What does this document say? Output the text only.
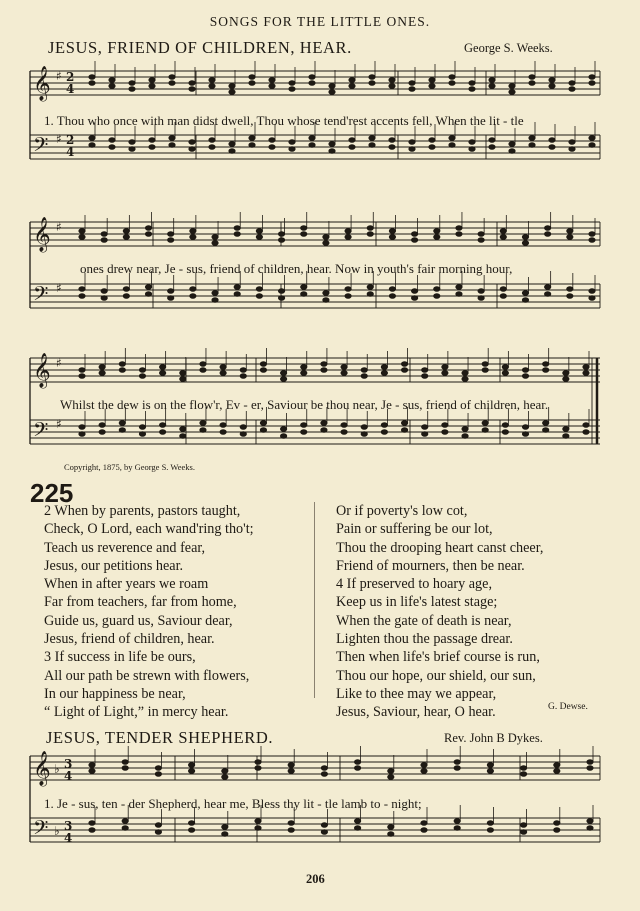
SONGS FOR THE LITTLE ONES.
JESUS, FRIEND OF CHILDREN, HEAR.	George S. Weeks.
𝄞
𝄢
♯
♯
2
4
2
4
𝄞
𝄢
♯
♯
𝄞
𝄢
♯
♯
𝄞
𝄢
♭
♭
3
4
3
4
1. Thou who once with man didst dwell, Thou whose tend'rest accents fell, When the lit - tle
ones drew near, Je - sus, friend of children, hear. Now in youth's fair morning hour,
Whilst the dew is on the flow'r, Ev - er, Saviour be thou near, Je - sus, friend of children, hear.
Copyright, 1875, by George S. Weeks.
225
2 When by parents, pastors taught,
Check, O Lord, each wand'ring tho't;
Teach us reverence and fear,
Jesus, our petitions hear.
When in after years we roam
Far from teachers, far from home,
Guide us, guard us, Saviour dear,
Jesus, friend of children, hear.
3 If success in life be ours,
All our path be strewn with flowers,
In our happiness be near,
“ Light of Light,” in mercy hear.
Or if poverty's low cot,
Pain or suffering be our lot,
Thou the drooping heart canst cheer,
Friend of mourners, then be near.
4 If preserved to hoary age,
Keep us in life's latest stage;
When the gate of death is near,
Lighten thou the passage drear.
Then when life's brief course is run,
Thou our hope, our shield, our sun,
Like to thee may we appear,
Jesus, Saviour, hear, O hear.	G. Dewse.
JESUS, TENDER SHEPHERD.	Rev. John B Dykes.
1. Je - sus, ten - der Shepherd, hear me, Bless thy lit - tle lamb to - night;
206
